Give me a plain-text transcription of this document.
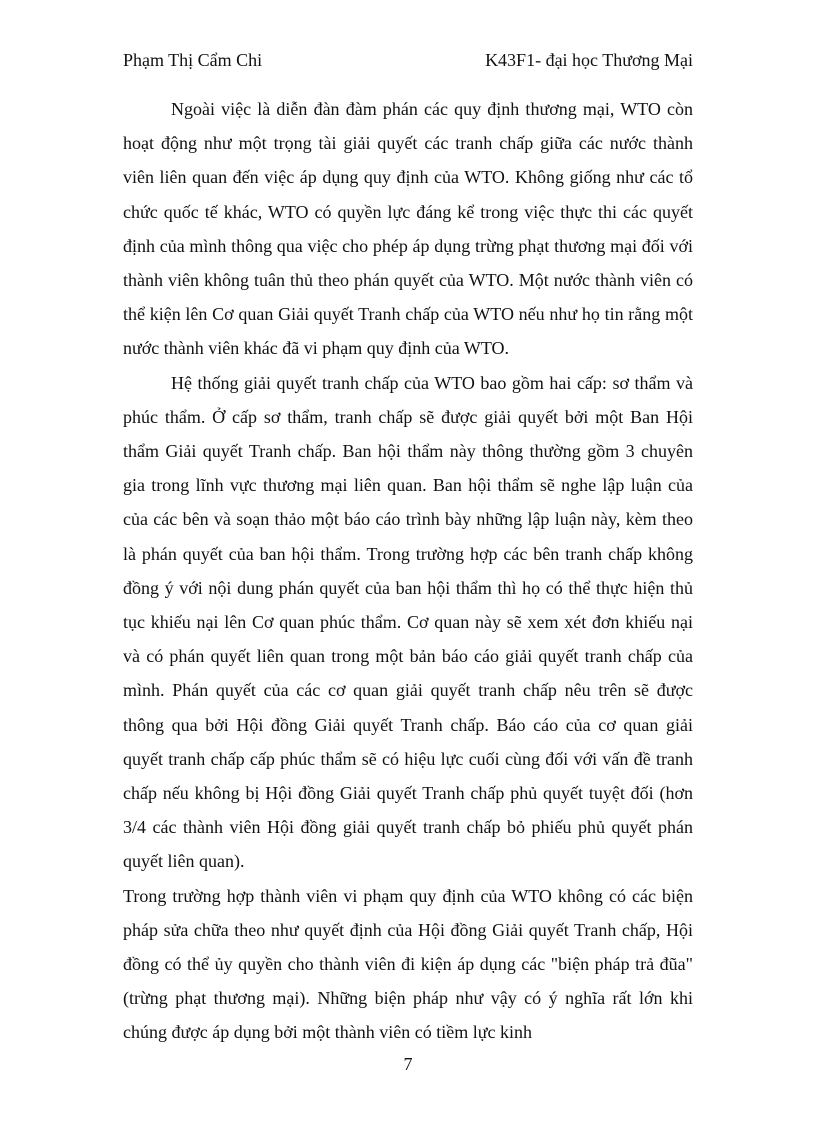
Phạm Thị Cẩm Chi	K43F1- đại học Thương Mại

Ngoài việc là diễn đàn đàm phán các quy định thương mại, WTO còn hoạt động như một trọng tài giải quyết các tranh chấp giữa các nước thành viên liên quan đến việc áp dụng quy định của WTO. Không giống như các tổ chức quốc tế khác, WTO có quyền lực đáng kể trong việc thực thi các quyết định của mình thông qua việc cho phép áp dụng trừng phạt thương mại đối với thành viên không tuân thủ theo phán quyết của WTO. Một nước thành viên có thể kiện lên Cơ quan Giải quyết Tranh chấp của WTO nếu như họ tin rằng một nước thành viên khác đã vi phạm quy định của WTO.

Hệ thống giải quyết tranh chấp của WTO bao gồm hai cấp: sơ thẩm và phúc thẩm. Ở cấp sơ thẩm, tranh chấp sẽ được giải quyết bởi một Ban Hội thẩm Giải quyết Tranh chấp. Ban hội thẩm này thông thường gồm 3 chuyên gia trong lĩnh vực thương mại liên quan. Ban hội thẩm sẽ nghe lập luận của của các bên và soạn thảo một báo cáo trình bày những lập luận này, kèm theo là phán quyết của ban hội thẩm. Trong trường hợp các bên tranh chấp không đồng ý với nội dung phán quyết của ban hội thẩm thì họ có thể thực hiện thủ tục khiếu nại lên Cơ quan phúc thẩm. Cơ quan này sẽ xem xét đơn khiếu nại và có phán quyết liên quan trong một bản báo cáo giải quyết tranh chấp của mình. Phán quyết của các cơ quan giải quyết tranh chấp nêu trên sẽ được thông qua bởi Hội đồng Giải quyết Tranh chấp. Báo cáo của cơ quan giải quyết tranh chấp cấp phúc thẩm sẽ có hiệu lực cuối cùng đối với vấn đề tranh chấp nếu không bị Hội đồng Giải quyết Tranh chấp phủ quyết tuyệt đối (hơn 3/4 các thành viên Hội đồng giải quyết tranh chấp bỏ phiếu phủ quyết phán quyết liên quan).

Trong trường hợp thành viên vi phạm quy định của WTO không có các biện pháp sửa chữa theo như quyết định của Hội đồng Giải quyết Tranh chấp, Hội đồng có thể ủy quyền cho thành viên đi kiện áp dụng các "biện pháp trả đũa" (trừng phạt thương mại). Những biện pháp như vậy có ý nghĩa rất lớn khi chúng được áp dụng bởi một thành viên có tiềm lực kinh

7
